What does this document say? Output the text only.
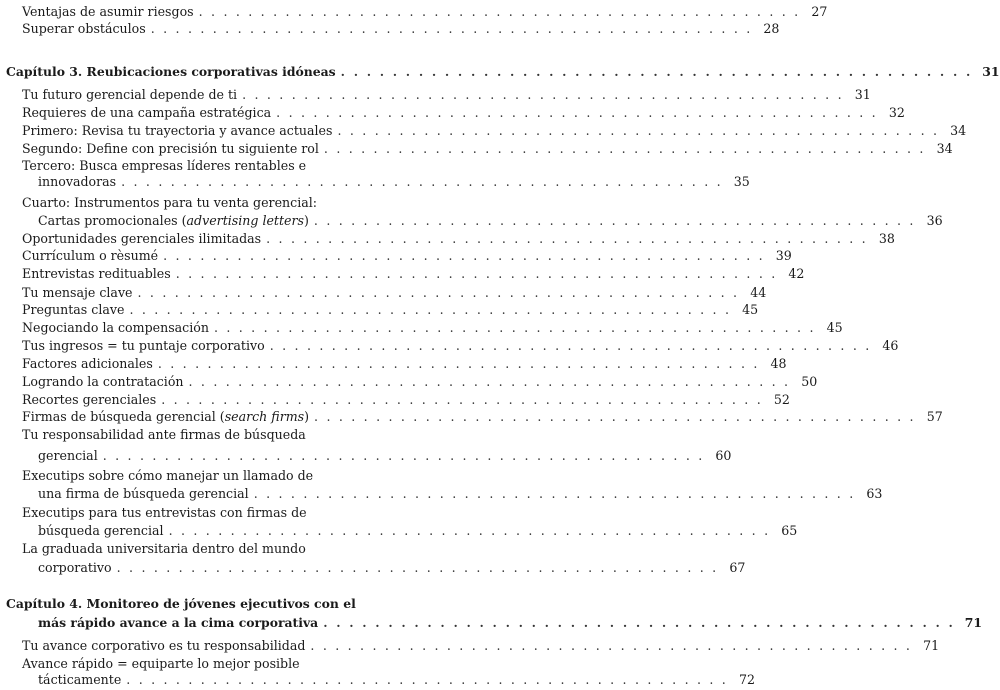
Ventajas de asumir riesgos . . . . . . . . . . . . . . . . . . . . . . . . . . . . . . . . . . . . . . . . . . . . . . . . . 27
Superar obstáculos . . . . . . . . . . . . . . . . . . . . . . . . . . . . . . . . . . . . . . . . . . . . . . . . . 28
Capítulo 3. Reubicaciones corporativas idóneas . . . . . . . . . . . . . . . . . . . . . . . . . . . . . . . . . . . . . . . . . . . . . . . . . 31
Tu futuro gerencial depende de ti . . . . . . . . . . . . . . . . . . . . . . . . . . . . . . . . . . . . . . . . . . . . . . . . . 31
Requieres de una campaña estratégica . . . . . . . . . . . . . . . . . . . . . . . . . . . . . . . . . . . . . . . . . . . . . . . . . 32
Primero: Revisa tu trayectoria y avance actuales . . . . . . . . . . . . . . . . . . . . . . . . . . . . . . . . . . . . . . . . . . . . . . . . . 34
Segundo: Define con precisión tu siguiente rol . . . . . . . . . . . . . . . . . . . . . . . . . . . . . . . . . . . . . . . . . . . . . . . . . 34
Tercero: Busca empresas líderes rentables e
innovadoras . . . . . . . . . . . . . . . . . . . . . . . . . . . . . . . . . . . . . . . . . . . . . . . . . 35
Cuarto: Instrumentos para tu venta gerencial:
Cartas promocionales (advertising letters) . . . . . . . . . . . . . . . . . . . . . . . . . . . . . . . . . . . . . . . . . . . . . . . . . 36
Oportunidades gerenciales ilimitadas . . . . . . . . . . . . . . . . . . . . . . . . . . . . . . . . . . . . . . . . . . . . . . . . . 38
Currículum o rèsumé . . . . . . . . . . . . . . . . . . . . . . . . . . . . . . . . . . . . . . . . . . . . . . . . . 39
Entrevistas redituables . . . . . . . . . . . . . . . . . . . . . . . . . . . . . . . . . . . . . . . . . . . . . . . . . 42
Tu mensaje clave . . . . . . . . . . . . . . . . . . . . . . . . . . . . . . . . . . . . . . . . . . . . . . . . . 44
Preguntas clave . . . . . . . . . . . . . . . . . . . . . . . . . . . . . . . . . . . . . . . . . . . . . . . . . 45
Negociando la compensación . . . . . . . . . . . . . . . . . . . . . . . . . . . . . . . . . . . . . . . . . . . . . . . . . 45
Tus ingresos = tu puntaje corporativo . . . . . . . . . . . . . . . . . . . . . . . . . . . . . . . . . . . . . . . . . . . . . . . . . 46
Factores adicionales . . . . . . . . . . . . . . . . . . . . . . . . . . . . . . . . . . . . . . . . . . . . . . . . . 48
Logrando la contratación . . . . . . . . . . . . . . . . . . . . . . . . . . . . . . . . . . . . . . . . . . . . . . . . . 50
Recortes gerenciales . . . . . . . . . . . . . . . . . . . . . . . . . . . . . . . . . . . . . . . . . . . . . . . . . 52
Firmas de búsqueda gerencial (search firms) . . . . . . . . . . . . . . . . . . . . . . . . . . . . . . . . . . . . . . . . . . . . . . . . . 57
Tu responsabilidad ante firmas de búsqueda
gerencial . . . . . . . . . . . . . . . . . . . . . . . . . . . . . . . . . . . . . . . . . . . . . . . . . 60
Executips sobre cómo manejar un llamado de
una firma de búsqueda gerencial . . . . . . . . . . . . . . . . . . . . . . . . . . . . . . . . . . . . . . . . . . . . . . . . . 63
Executips para tus entrevistas con firmas de
búsqueda gerencial . . . . . . . . . . . . . . . . . . . . . . . . . . . . . . . . . . . . . . . . . . . . . . . . . 65
La graduada universitaria dentro del mundo
corporativo . . . . . . . . . . . . . . . . . . . . . . . . . . . . . . . . . . . . . . . . . . . . . . . . . 67
Capítulo 4. Monitoreo de jóvenes ejecutivos con el
más rápido avance a la cima corporativa . . . . . . . . . . . . . . . . . . . . . . . . . . . . . . . . . . . . . . . . . . . . . . . . . 71
Tu avance corporativo es tu responsabilidad . . . . . . . . . . . . . . . . . . . . . . . . . . . . . . . . . . . . . . . . . . . . . . . . . 71
Avance rápido = equiparte lo mejor posible
tácticamente . . . . . . . . . . . . . . . . . . . . . . . . . . . . . . . . . . . . . . . . . . . . . . . . . 72
